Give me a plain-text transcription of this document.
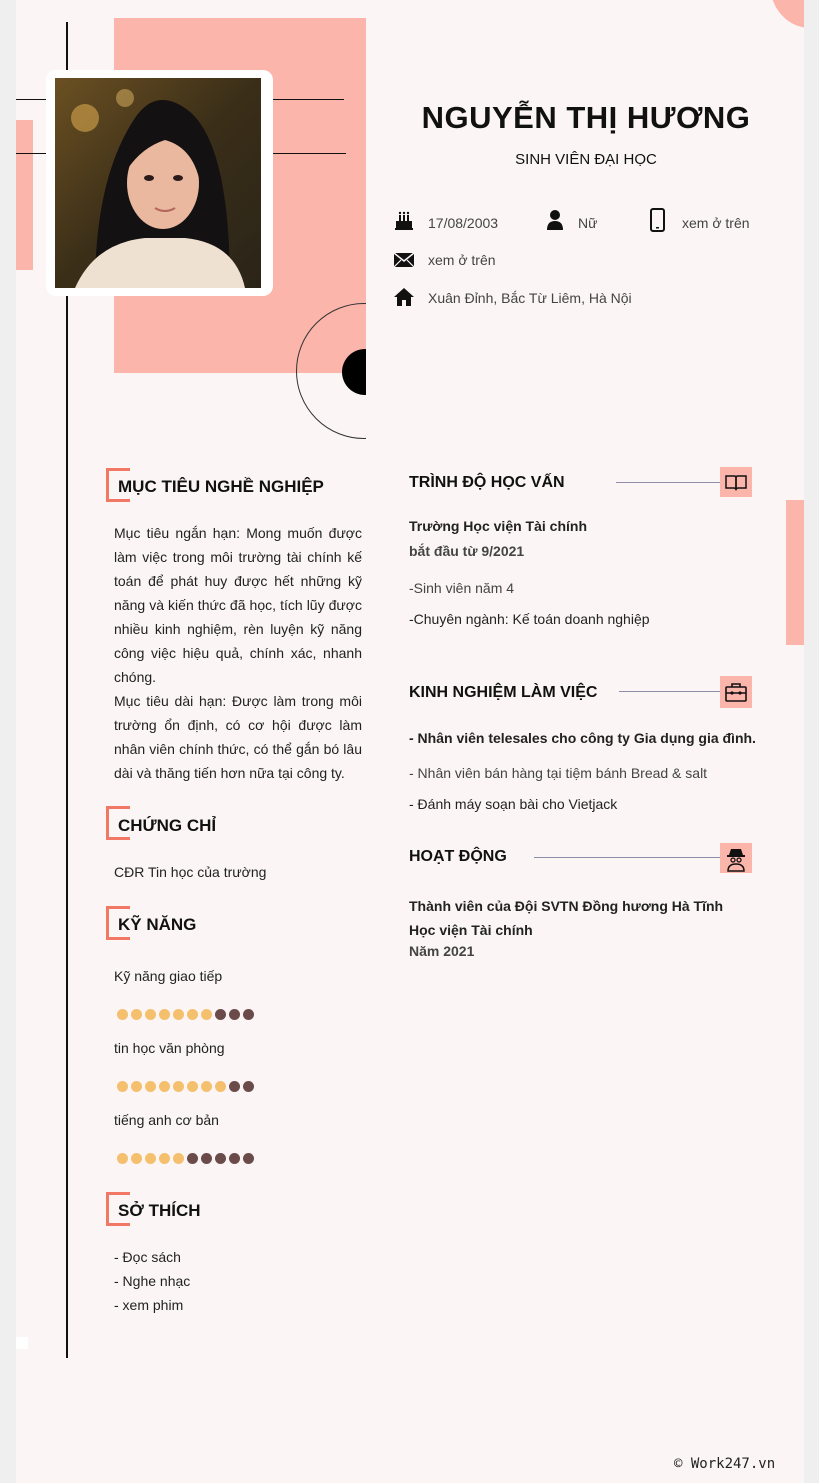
NGUYỄN THỊ HƯƠNG
SINH VIÊN ĐẠI HỌC
17/08/2003	Nữ	xem ở trên
xem ở trên
Xuân Đỉnh, Bắc Từ Liêm, Hà Nội
MỤC TIÊU NGHỀ NGHIỆP
Mục tiêu ngắn hạn: Mong muốn được làm việc trong môi trường tài chính kế toán để phát huy được hết những kỹ năng và kiến thức đã học, tích lũy được nhiều kinh nghiệm, rèn luyện kỹ năng công việc hiệu quả, chính xác, nhanh chóng.
Mục tiêu dài hạn: Được làm trong môi trường ổn định, có cơ hội được làm nhân viên chính thức, có thể gắn bó lâu dài và thăng tiến hơn nữa tại công ty.
CHỨNG CHỈ
CĐR Tin học của trường
KỸ NĂNG
Kỹ năng giao tiếp
tin học văn phòng
tiếng anh cơ bản
SỞ THÍCH
- Đọc sách
- Nghe nhạc
- xem phim
TRÌNH ĐỘ HỌC VẤN
Trường Học viện Tài chính
bắt đầu từ 9/2021
-Sinh viên năm 4
-Chuyên ngành: Kế toán doanh nghiệp
KINH NGHIỆM LÀM VIỆC
- Nhân viên telesales cho công ty Gia dụng gia đình.
- Nhân viên bán hàng tại tiệm bánh Bread & salt
- Đánh máy soạn bài cho Vietjack
HOẠT ĐỘNG
Thành viên của Đội SVTN Đồng hương Hà Tĩnh Học viện Tài chính
Năm 2021
© Work247.vn
